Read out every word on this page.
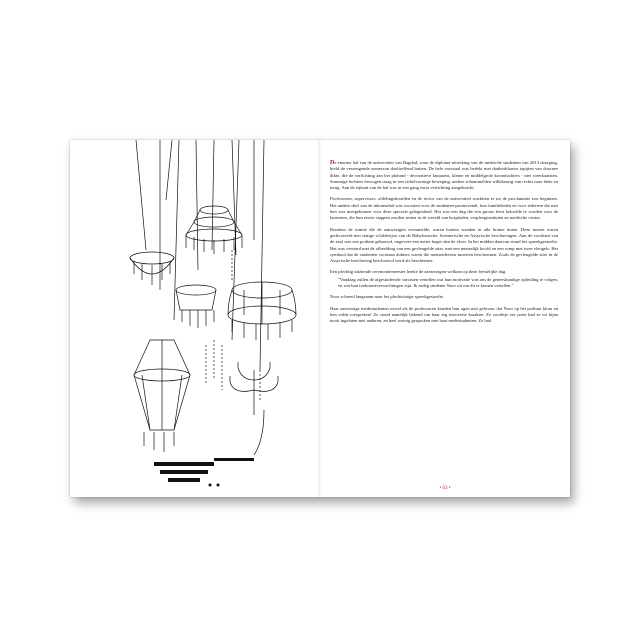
De enorme hal van de universiteit van Bagdad, waar de diploma-uitreiking van de medische studenten van 2013 doorging, hield de verzengende zomerzon doeltreffend buiten. De hele voorzaal was bedekt met donkerblauwe tapijten van doornee dikte, die de verlichting aan het plafond - decoratieve lantaarns, kleine en middelgrote kroonluchters - niet weerkaatsten. Sommige luchters bewogen traag in een cirkelvormige beweging, andere schommelden willekeurig van rechts naar links en terug. Aan de zijkant van de hal was in een gang extra verlichting aangebracht.

Professoren, supervisors, afdelingshoofden en de rector van de universiteit wachtten er tot de proclamatie zou beginnen. Het andere deel van de inkomsthal was voorzien voor de studenten-promovendi, hun familieleden en voor iedereen die met hen was meegekomen voor deze speciale gelegenheid. Het was een dag die een groots feest beloofde te worden voor de laureaten, die hun eerste stappen zouden zetten in de wereld van hospitalen, verpleeginstituten en medische centra.

Rondom de ruimte die de aanwezigen verzamelde, waren houten wanden in alle bruine tinten. Deze muren waren gedecoreerd met statige schilderijen van de Babylonische, Soemerische en Assyrische beschavingen. Aan de voorkant van de zaal was een podium gebouwd, ongeveer een meter hoger dan de vloer. In het midden daarvan stond het spreekgestoelte. Het was versierd met de afbeelding van een gevleugelde stier, met een menselijk hoofd en een romp met twee vleugels. Het symbool dat de studenten voortaan dokters waren die mensenlevens moesten beschermen. Zoals de gevleugelde stier in de Assyrische beschaving beschouwd werd als beschermer.

Een plechtig uitziende ceremoniemeester heette de aanwezigen welkom op deze feestelijke dag.

"Vandaag zullen de afgestudeerde cursisten vertellen wat hun motivatie was om de geneeskundige opleiding te volgen, en wat hun toekomstverwachtingen zijn. Ik nodig studente Noor uit om dit te komen vertellen."

Noor schreed langzaam naar het plechtstatige spreekgestoelte.

Haar aanwezige medestudenten zowel als de professoren konden hun ogen niet geloven: dat Noor op het podium klom en hen wilde toespreken! Ze stond namelijk bekend om haar erg introverte karakter. Ze voorbije zes jaren had ze tot bijna nooit ingelaten met anderen, en heel weinig gesproken met haar medestudenten. Ze had

• 63 •
